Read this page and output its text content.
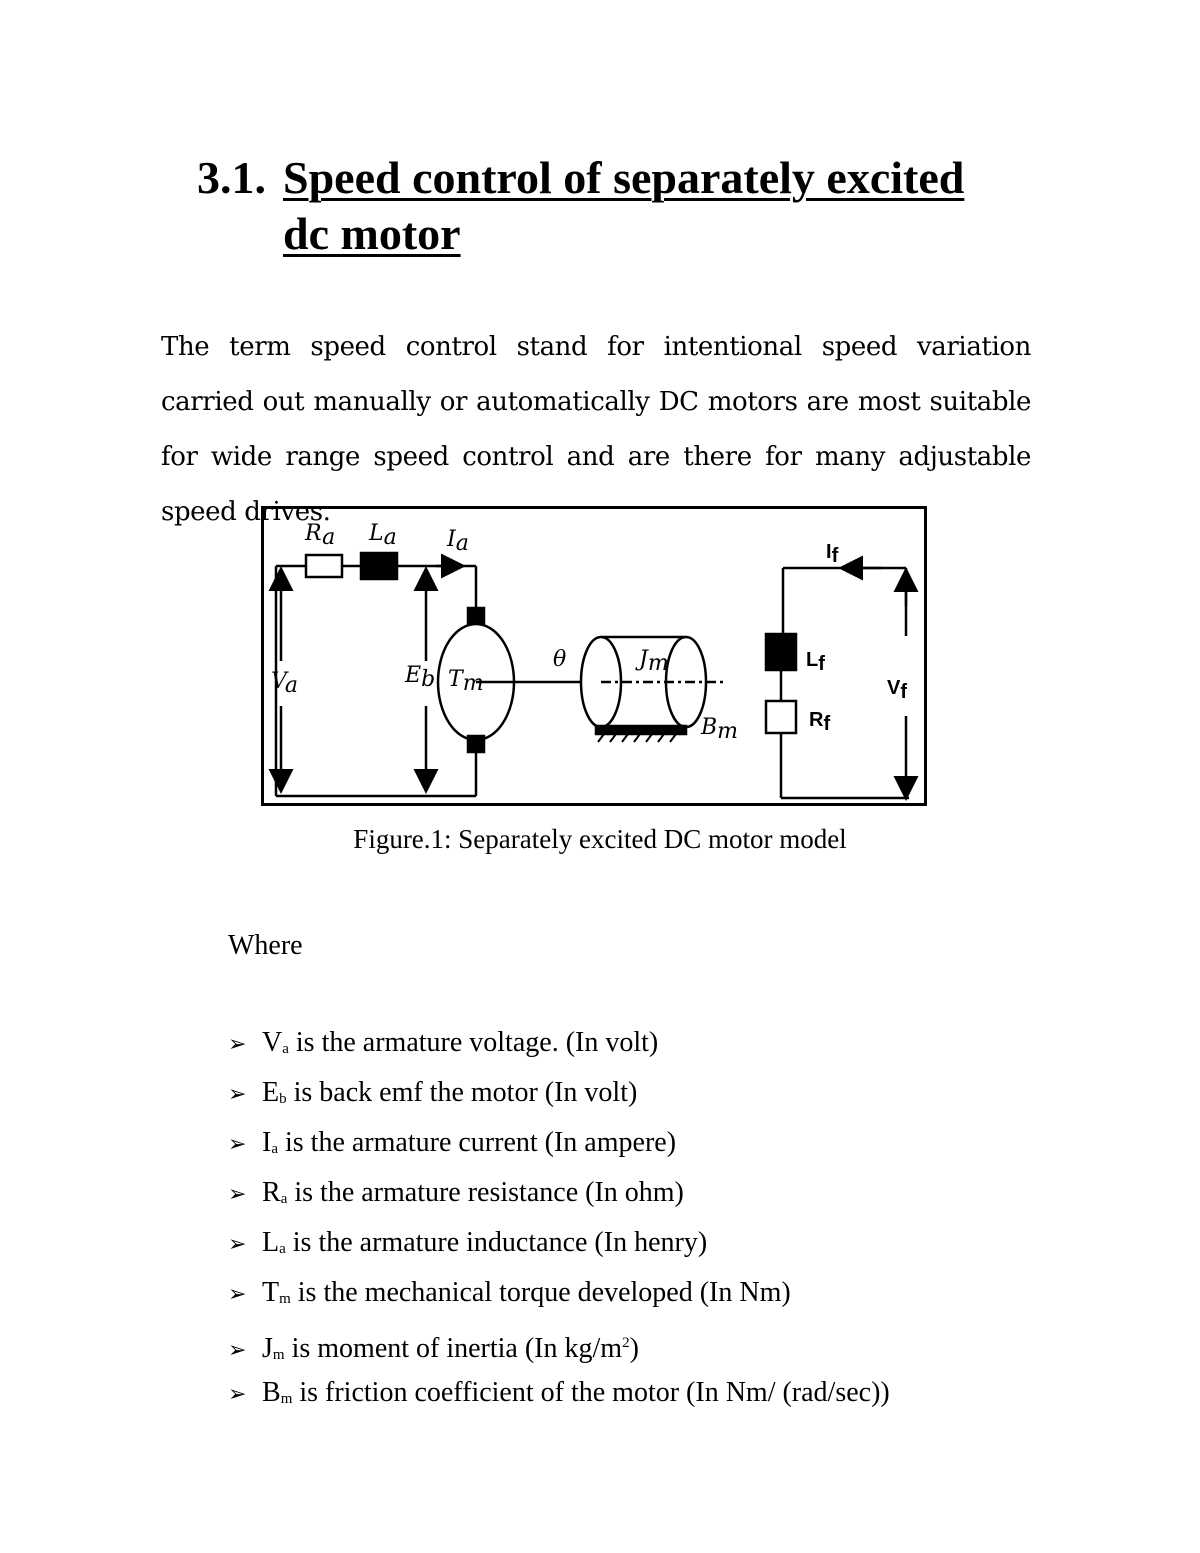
3.1. Speed control of separately excited
dc motor

The term speed control stand for intentional speed variation carried out manually or automatically DC motors are most suitable for wide range speed control and are there for many adjustable speed drives.

Ra La Ia
Va	Eb Tm
θ	Jm
Bm
If
Lf
Rf
Vf
Figure.1: Separately excited DC motor model
Where
➢ Va is the armature voltage. (In volt)
➢ Eb is back emf the motor (In volt)
➢ Ia is the armature current (In ampere)
➢ Ra is the armature resistance (In ohm)
➢ La is the armature inductance (In henry)
➢ Tm is the mechanical torque developed (In Nm)
➢ Jm is moment of inertia (In $kg/m^2$)
➢ Bm is friction coefficient of the motor (In Nm/ (rad/sec))
